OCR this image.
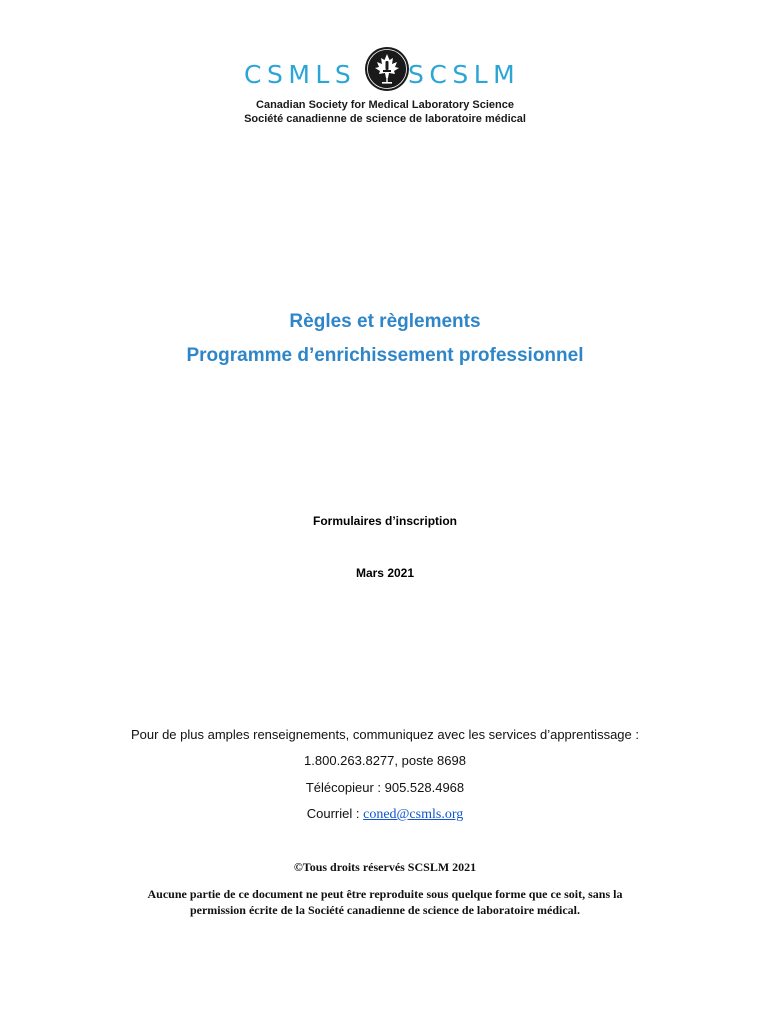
CSMLS SCSLM
Canadian Society for Medical Laboratory Science
Société canadienne de science de laboratoire médical
Règles et règlements
Programme d’enrichissement professionnel
Formulaires d’inscription
Mars 2021
Pour de plus amples renseignements, communiquez avec les services d’apprentissage :
1.800.263.8277, poste 8698
Télécopieur : 905.528.4968
Courriel : coned@csmls.org
©Tous droits réservés SCSLM 2021
Aucune partie de ce document ne peut être reproduite sous quelque forme que ce soit, sans la
permission écrite de la Société canadienne de science de laboratoire médical.
